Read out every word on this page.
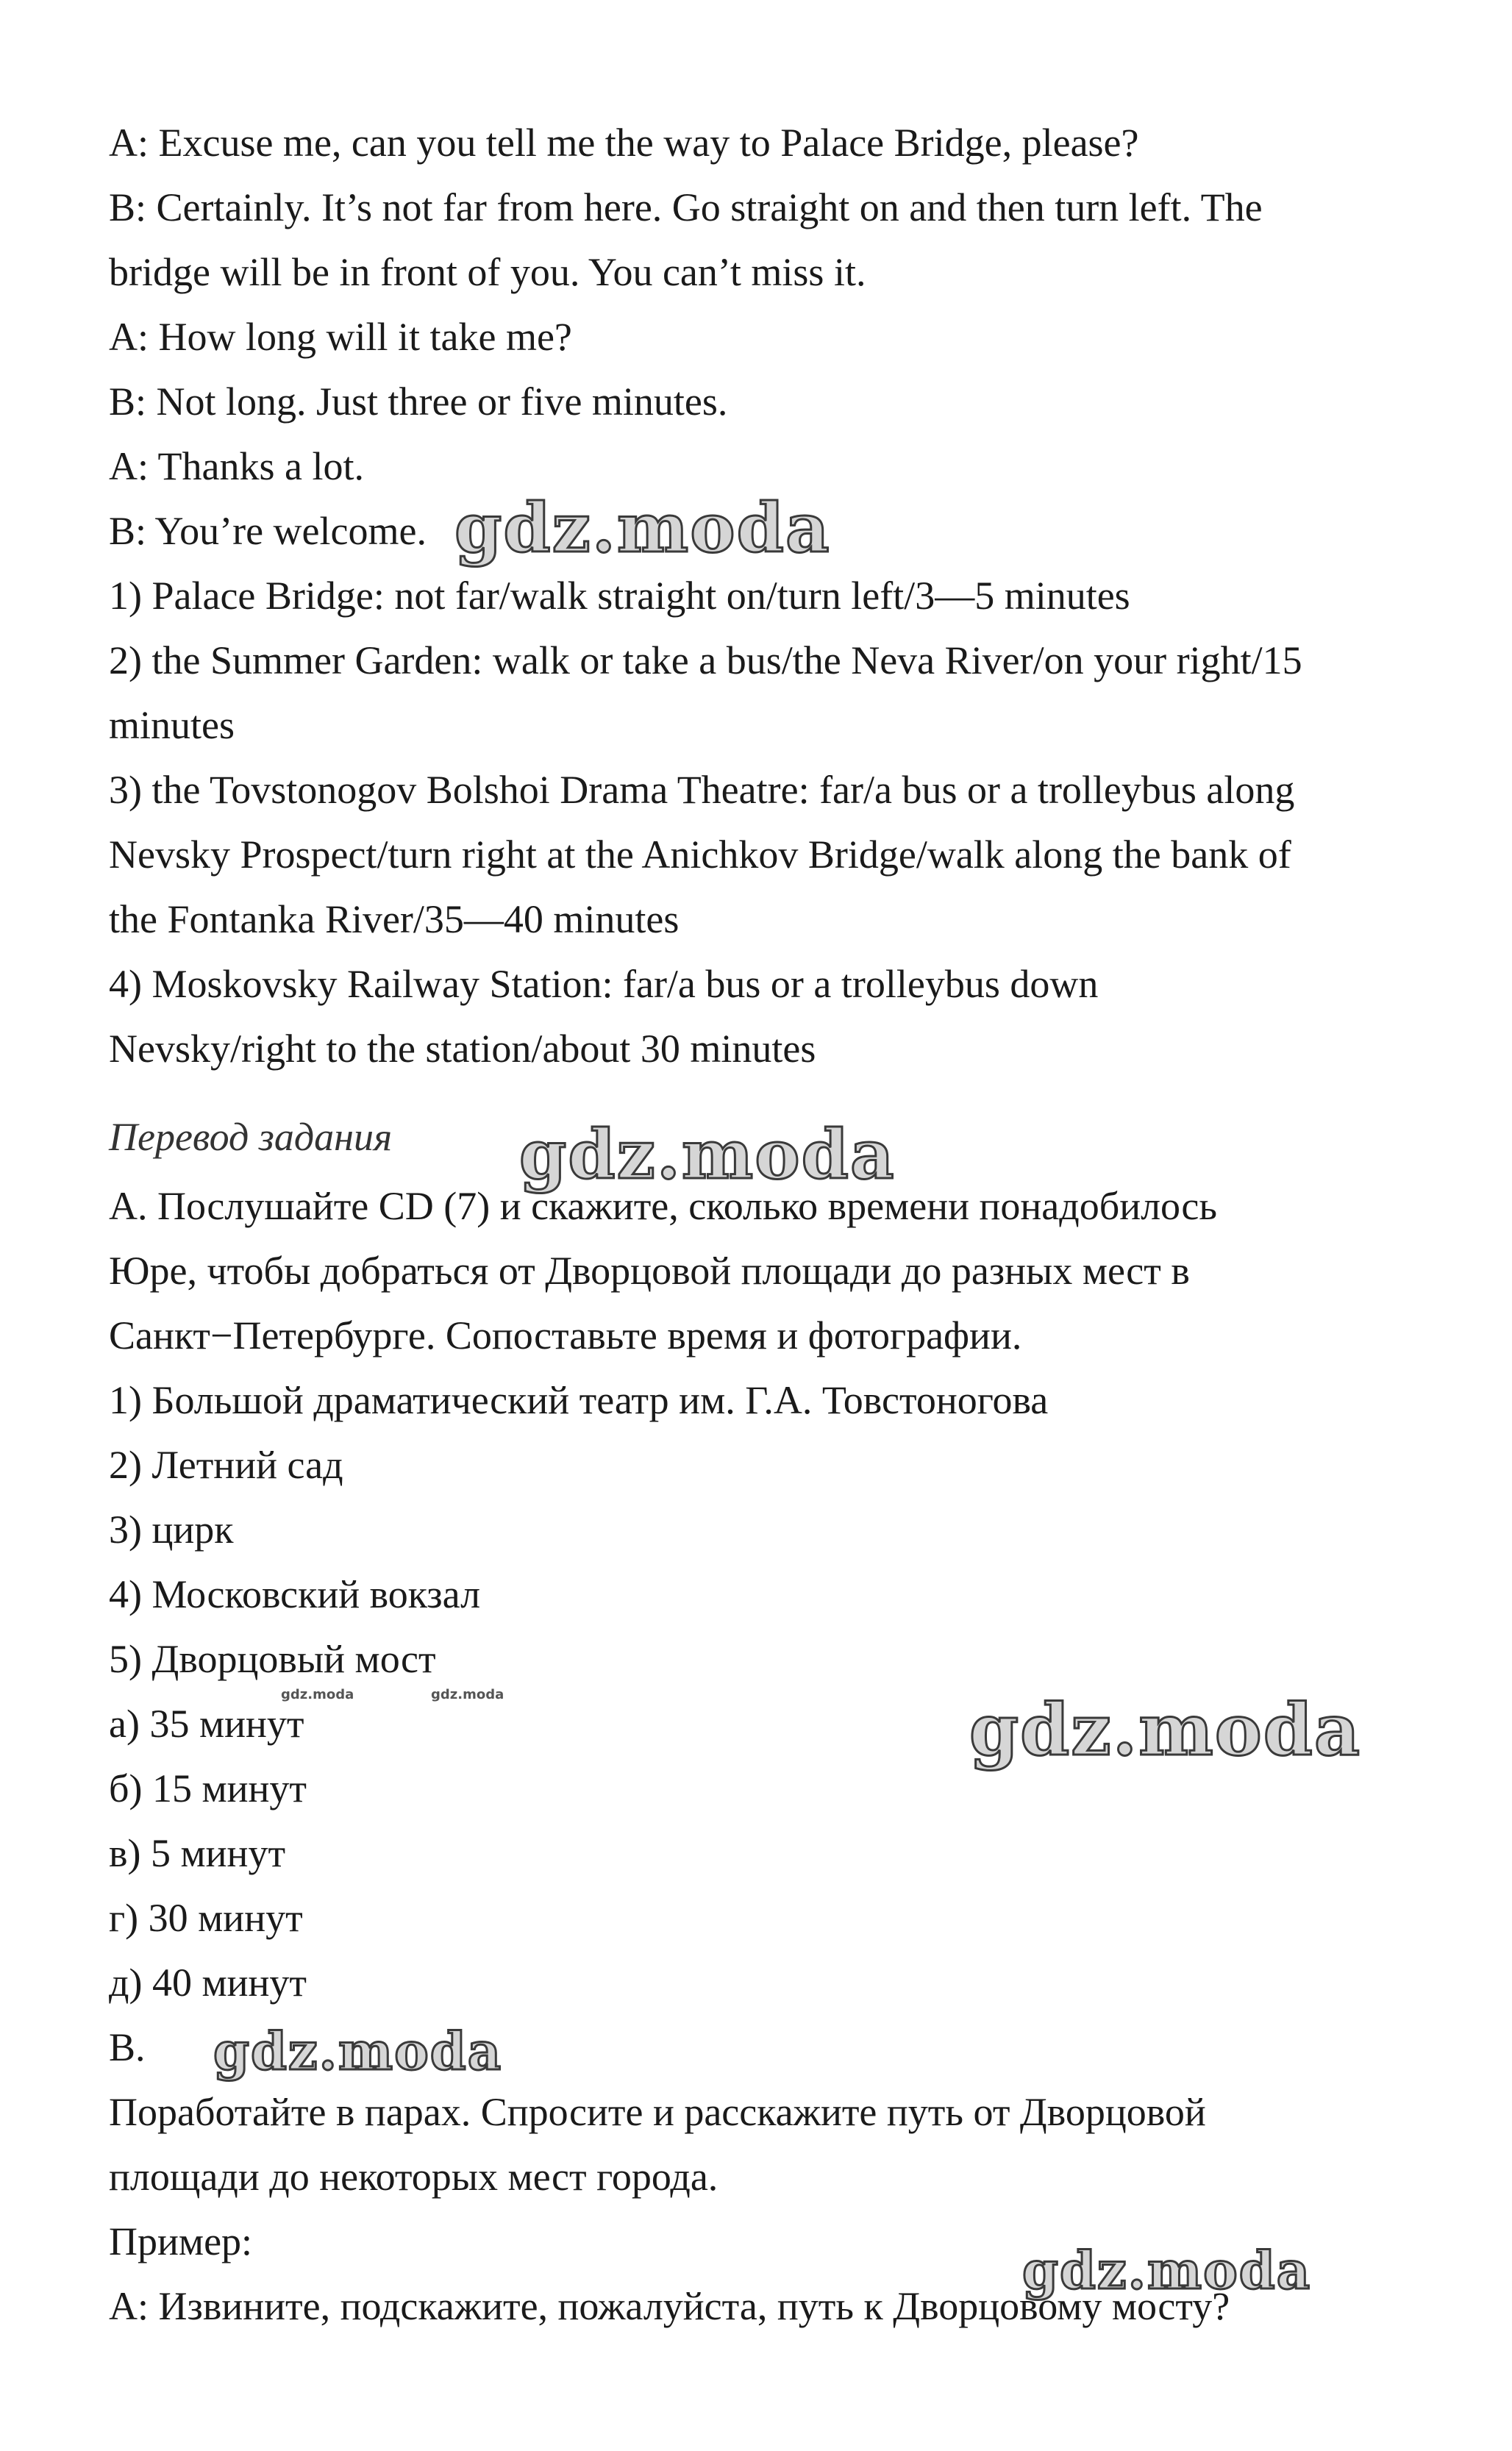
A: Excuse me, can you tell me the way to Palace Bridge, please?

B: Certainly. It’s not far from here. Go straight on and then turn left. The

bridge will be in front of you. You can’t miss it.

A: How long will it take me?

B: Not long. Just three or five minutes.

A: Thanks a lot.

B: You’re welcome.

1) Palace Bridge: not far/walk straight on/turn left/3—5 minutes

2) the Summer Garden: walk or take a bus/the Neva River/on your right/15

minutes

3) the Tovstonogov Bolshoi Drama Theatre: far/a bus or a trolleybus along

Nevsky Prospect/turn right at the Anichkov Bridge/walk along the bank of

the Fontanka River/35—40 minutes

4) Moskovsky Railway Station: far/a bus or a trolleybus down

Nevsky/right to the station/about 30 minutes

Перевод задания

А. Послушайте CD (7) и скажите, сколько времени понадобилось

Юре, чтобы добраться от Дворцовой площади до разных мест в

Санкт−Петербурге. Сопоставьте время и фотографии.

1) Большой драматический театр им. Г.А. Товстоногова

2) Летний сад

3) цирк

4) Московский вокзал

5) Дворцовый мост

а) 35 минут

б) 15 минут

в) 5 минут

г) 30 минут

д) 40 минут

B.

Поработайте в парах. Спросите и расскажите путь от Дворцовой

площади до некоторых мест города.

Пример:

А: Извините, подскажите, пожалуйста, путь к Дворцовому мосту?

gdz.moda
gdz.moda
gdz.moda
gdz.moda
gdz.moda
gdz.moda	gdz.moda
